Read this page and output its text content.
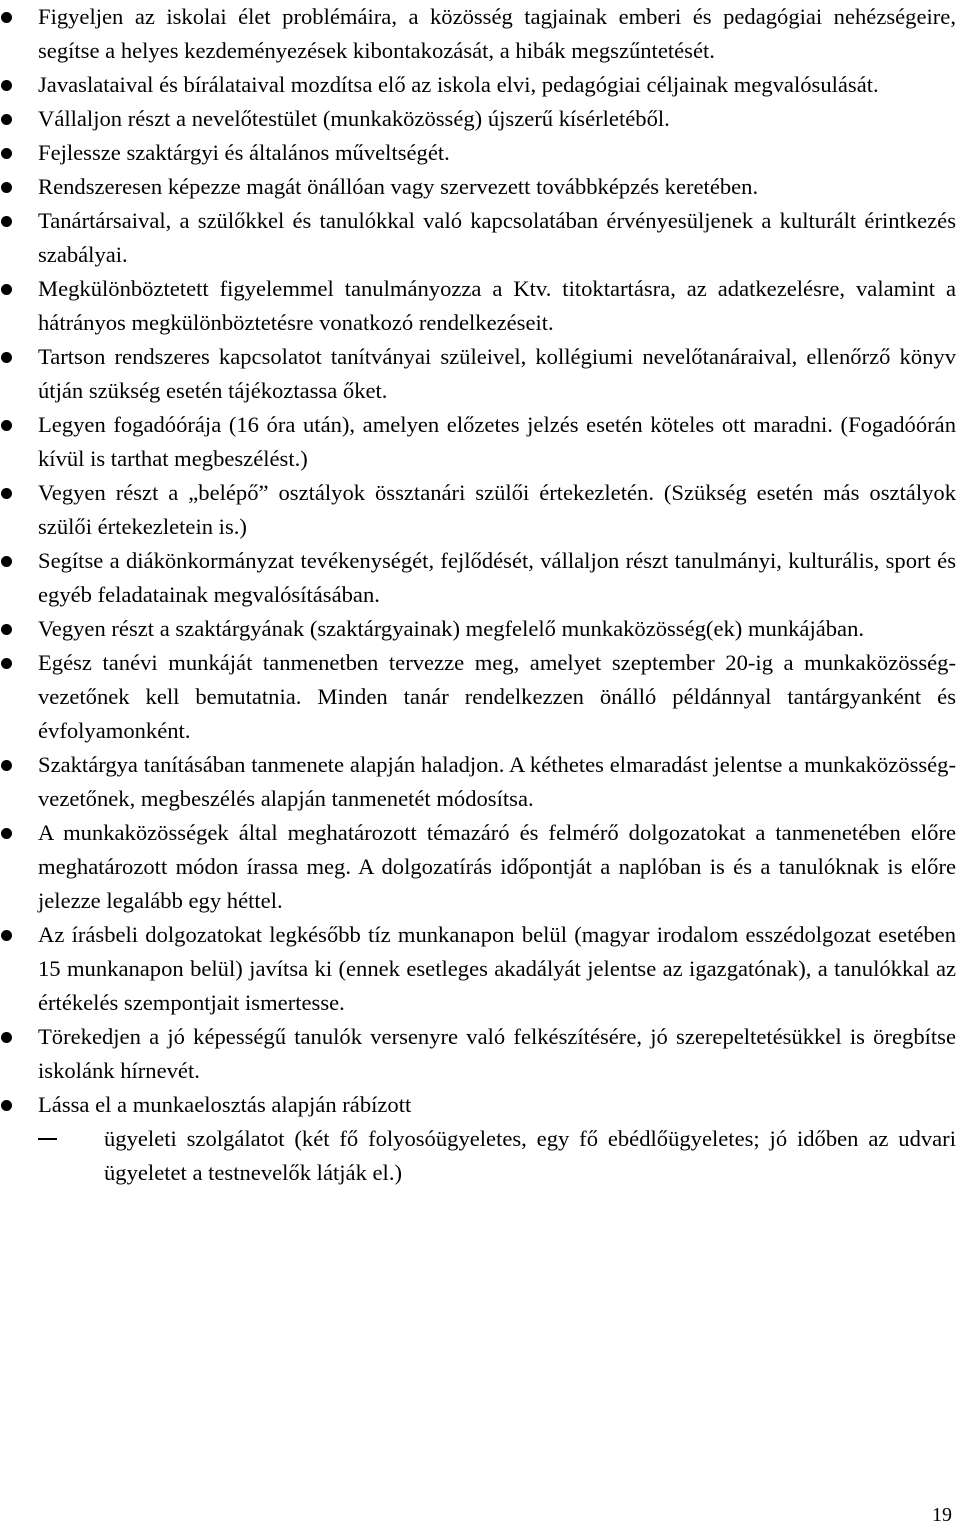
Figyeljen az iskolai élet problémáira, a közösség tagjainak emberi és pedagógiai nehézségeire, segítse a helyes kezdeményezések kibontakozását, a hibák megszűntetését.
Javaslataival és bírálataival mozdítsa elő az iskola elvi, pedagógiai céljainak megvalósulását.
Vállaljon részt a nevelőtestület (munkaközösség) újszerű kísérletéből.
Fejlessze szaktárgyi és általános műveltségét.
Rendszeresen képezze magát önállóan vagy szervezett továbbképzés keretében.
Tanártársaival, a szülőkkel és tanulókkal való kapcsolatában érvényesüljenek a kulturált érintkezés szabályai.
Megkülönböztetett figyelemmel tanulmányozza a Ktv. titoktartásra, az adatkezelésre, valamint a hátrányos megkülönböztetésre vonatkozó rendelkezéseit.
Tartson rendszeres kapcsolatot tanítványai szüleivel, kollégiumi nevelőtanáraival, ellenőrző könyv útján szükség esetén tájékoztassa őket.
Legyen fogadóórája (16 óra után), amelyen előzetes jelzés esetén köteles ott maradni. (Fogadóórán kívül is tarthat megbeszélést.)
Vegyen részt a „belépő” osztályok össztanári szülői értekezletén. (Szükség esetén más osztályok szülői értekezletein is.)
Segítse a diákönkormányzat tevékenységét, fejlődését, vállaljon részt tanulmányi, kulturális, sport és egyéb feladatainak megvalósításában.
Vegyen részt a szaktárgyának (szaktárgyainak) megfelelő munkaközösség(ek) munkájában.
Egész tanévi munkáját tanmenetben tervezze meg, amelyet szeptember 20-ig a munkaközösség-vezetőnek kell bemutatnia. Minden tanár rendelkezzen önálló példánnyal tantárgyanként és évfolyamonként.
Szaktárgya tanításában tanmenete alapján haladjon. A kéthetes elmaradást jelentse a munkaközösség-vezetőnek, megbeszélés alapján tanmenetét módosítsa.
A munkaközösségek által meghatározott témazáró és felmérő dolgozatokat a tanmenetében előre meghatározott módon írassa meg. A dolgozatírás időpontját a naplóban is és a tanulóknak is előre jelezze legalább egy héttel.
Az írásbeli dolgozatokat legkésőbb tíz munkanapon belül (magyar irodalom esszédolgozat esetében 15 munkanapon belül) javítsa ki (ennek esetleges akadályát jelentse az igazgatónak), a tanulókkal az értékelés szempontjait ismertesse.
Törekedjen a jó képességű tanulók versenyre való felkészítésére, jó szerepeltetésükkel is öregbítse iskolánk hírnevét.
Lássa el a munkaelosztás alapján rábízott
ügyeleti szolgálatot (két fő folyosóügyeletes, egy fő ebédlőügyeletes; jó időben az udvari ügyeletet a testnevelők látják el.)
19
